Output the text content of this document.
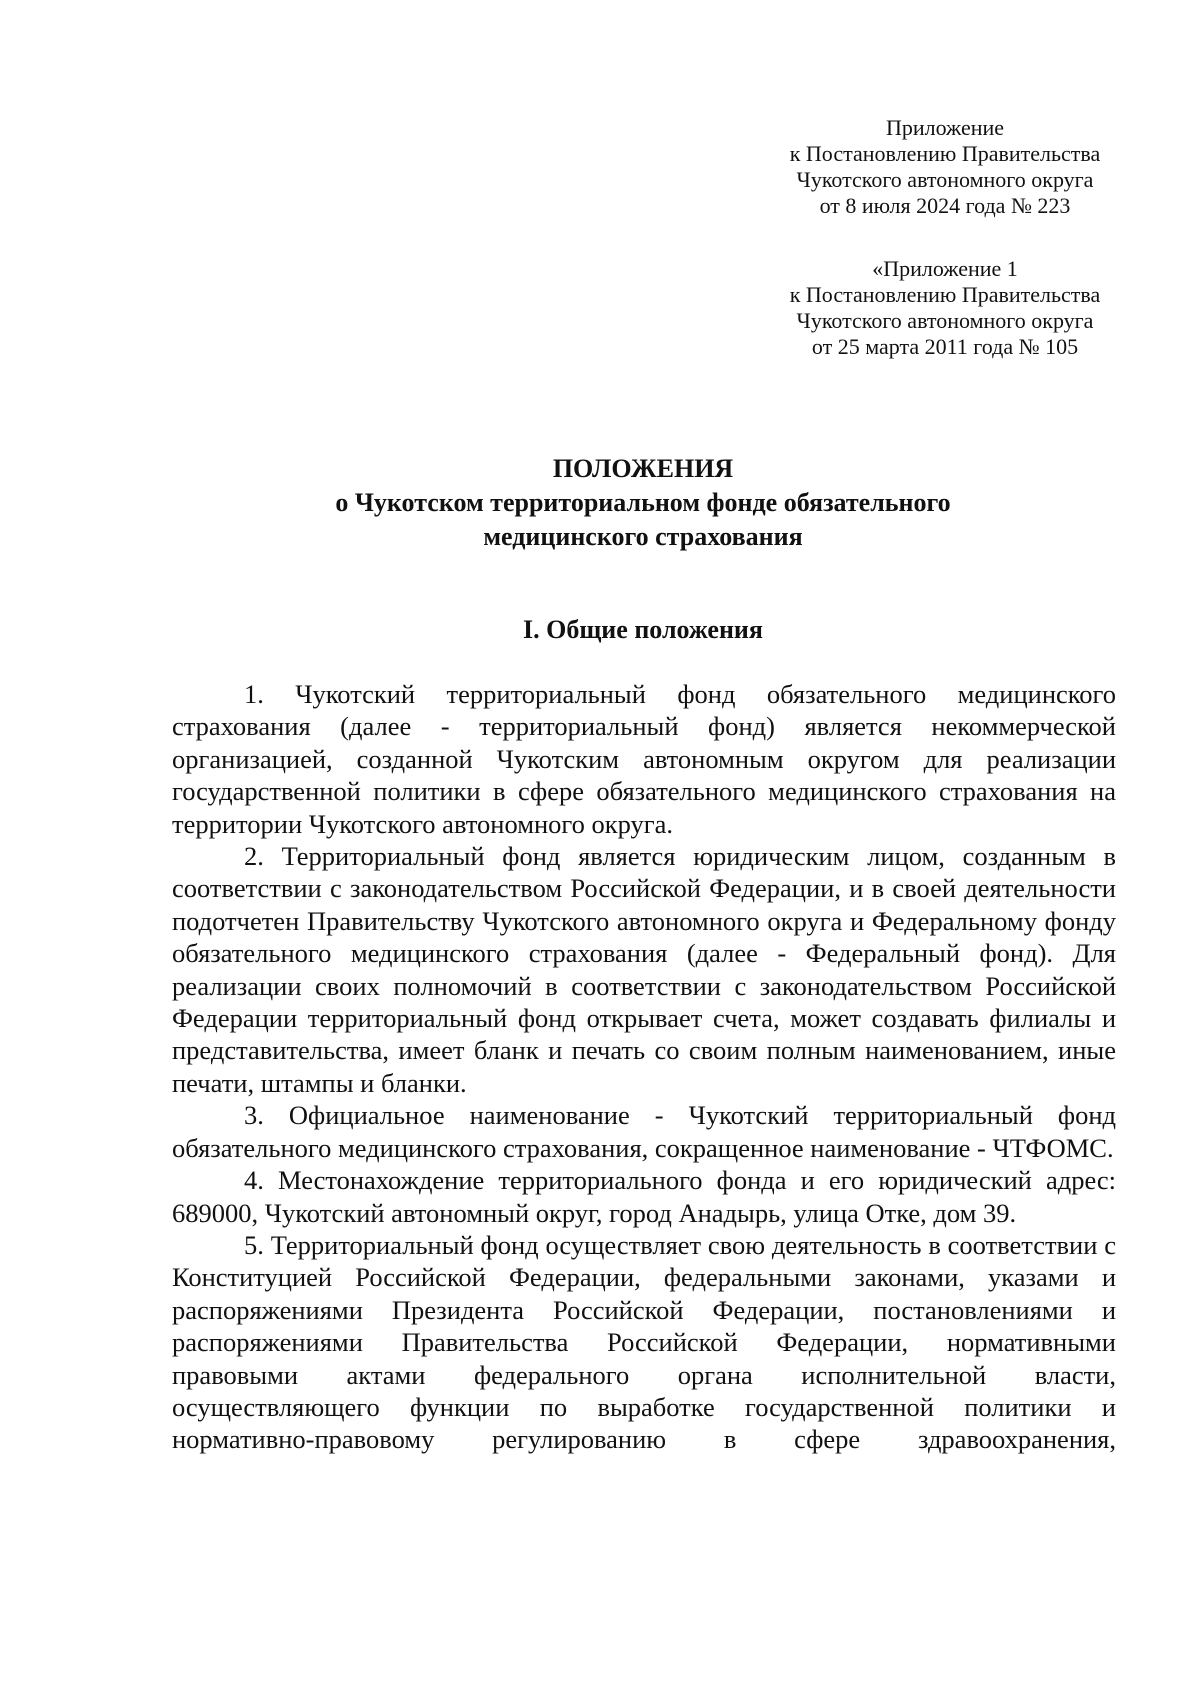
Приложение
к Постановлению Правительства
Чукотского автономного округа
от 8 июля 2024 года № 223
«Приложение 1
к Постановлению Правительства
Чукотского автономного округа
от 25 марта 2011 года № 105
ПОЛОЖЕНИЯ
о Чукотском территориальном фонде обязательного
медицинского страхования
I. Общие положения

1. Чукотский территориальный фонд обязательного медицинского страхования (далее - территориальный фонд) является некоммерческой организацией, созданной Чукотским автономным округом для реализации государственной политики в сфере обязательного медицинского страхования на территории Чукотского автономного округа.

2. Территориальный фонд является юридическим лицом, созданным в соответствии с законодательством Российской Федерации, и в своей деятельности подотчетен Правительству Чукотского автономного округа и Федеральному фонду обязательного медицинского страхования (далее - Федеральный фонд). Для реализации своих полномочий в соответствии с законодательством Российской Федерации территориальный фонд открывает счета, может создавать филиалы и представительства, имеет бланк и печать со своим полным наименованием, иные печати, штампы и бланки.

3. Официальное наименование - Чукотский территориальный фонд обязательного медицинского страхования, сокращенное наименование - ЧТФОМС.

4. Местонахождение территориального фонда и его юридический адрес: 689000, Чукотский автономный округ, город Анадырь, улица Отке, дом 39.

5. Территориальный фонд осуществляет свою деятельность в соответствии с Конституцией Российской Федерации, федеральными законами, указами и распоряжениями Президента Российской Федерации, постановлениями и распоряжениями Правительства Российской Федерации, нормативными правовыми актами федерального органа исполнительной власти, осуществляющего функции по выработке государственной политики и нормативно-правовому регулированию в сфере здравоохранения,
